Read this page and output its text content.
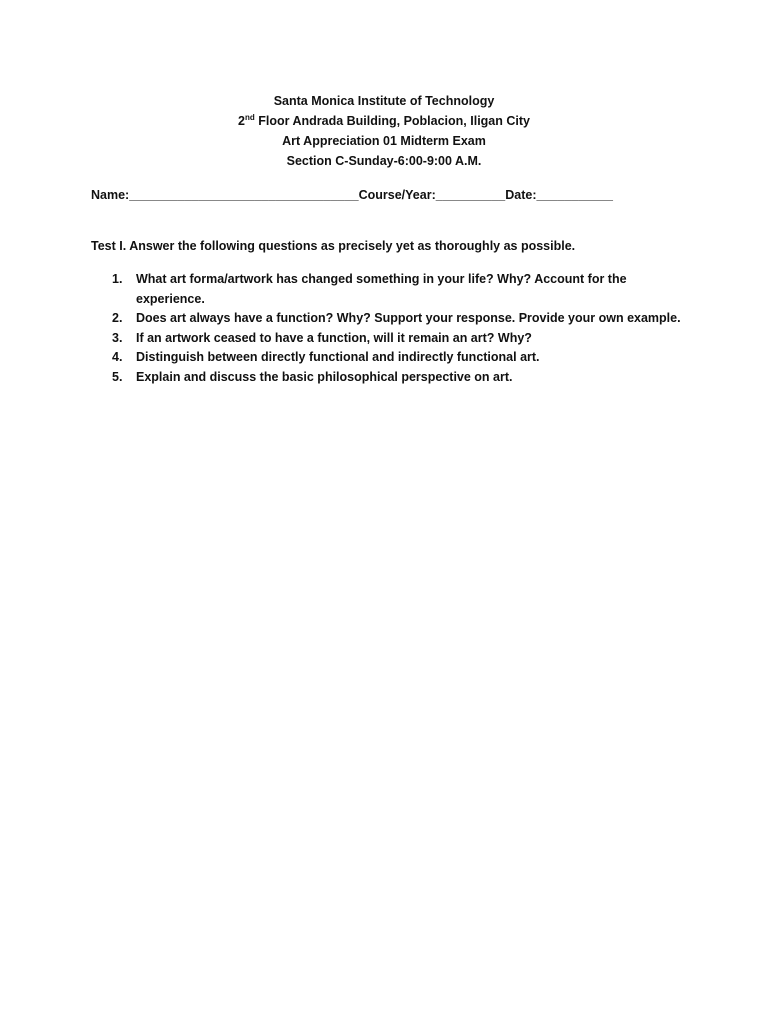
Santa Monica Institute of Technology
2nd Floor Andrada Building, Poblacion, Iligan City
Art Appreciation 01 Midterm Exam
Section C-Sunday-6:00-9:00 A.M.
Name:_________________________________Course/Year:__________Date:___________
Test I. Answer the following questions as precisely yet as thoroughly as possible.
1. What art forma/artwork has changed something in your life? Why? Account for the experience.
2. Does art always have a function? Why? Support your response. Provide your own example.
3. If an artwork ceased to have a function, will it remain an art? Why?
4. Distinguish between directly functional and indirectly functional art.
5. Explain and discuss the basic philosophical perspective on art.
